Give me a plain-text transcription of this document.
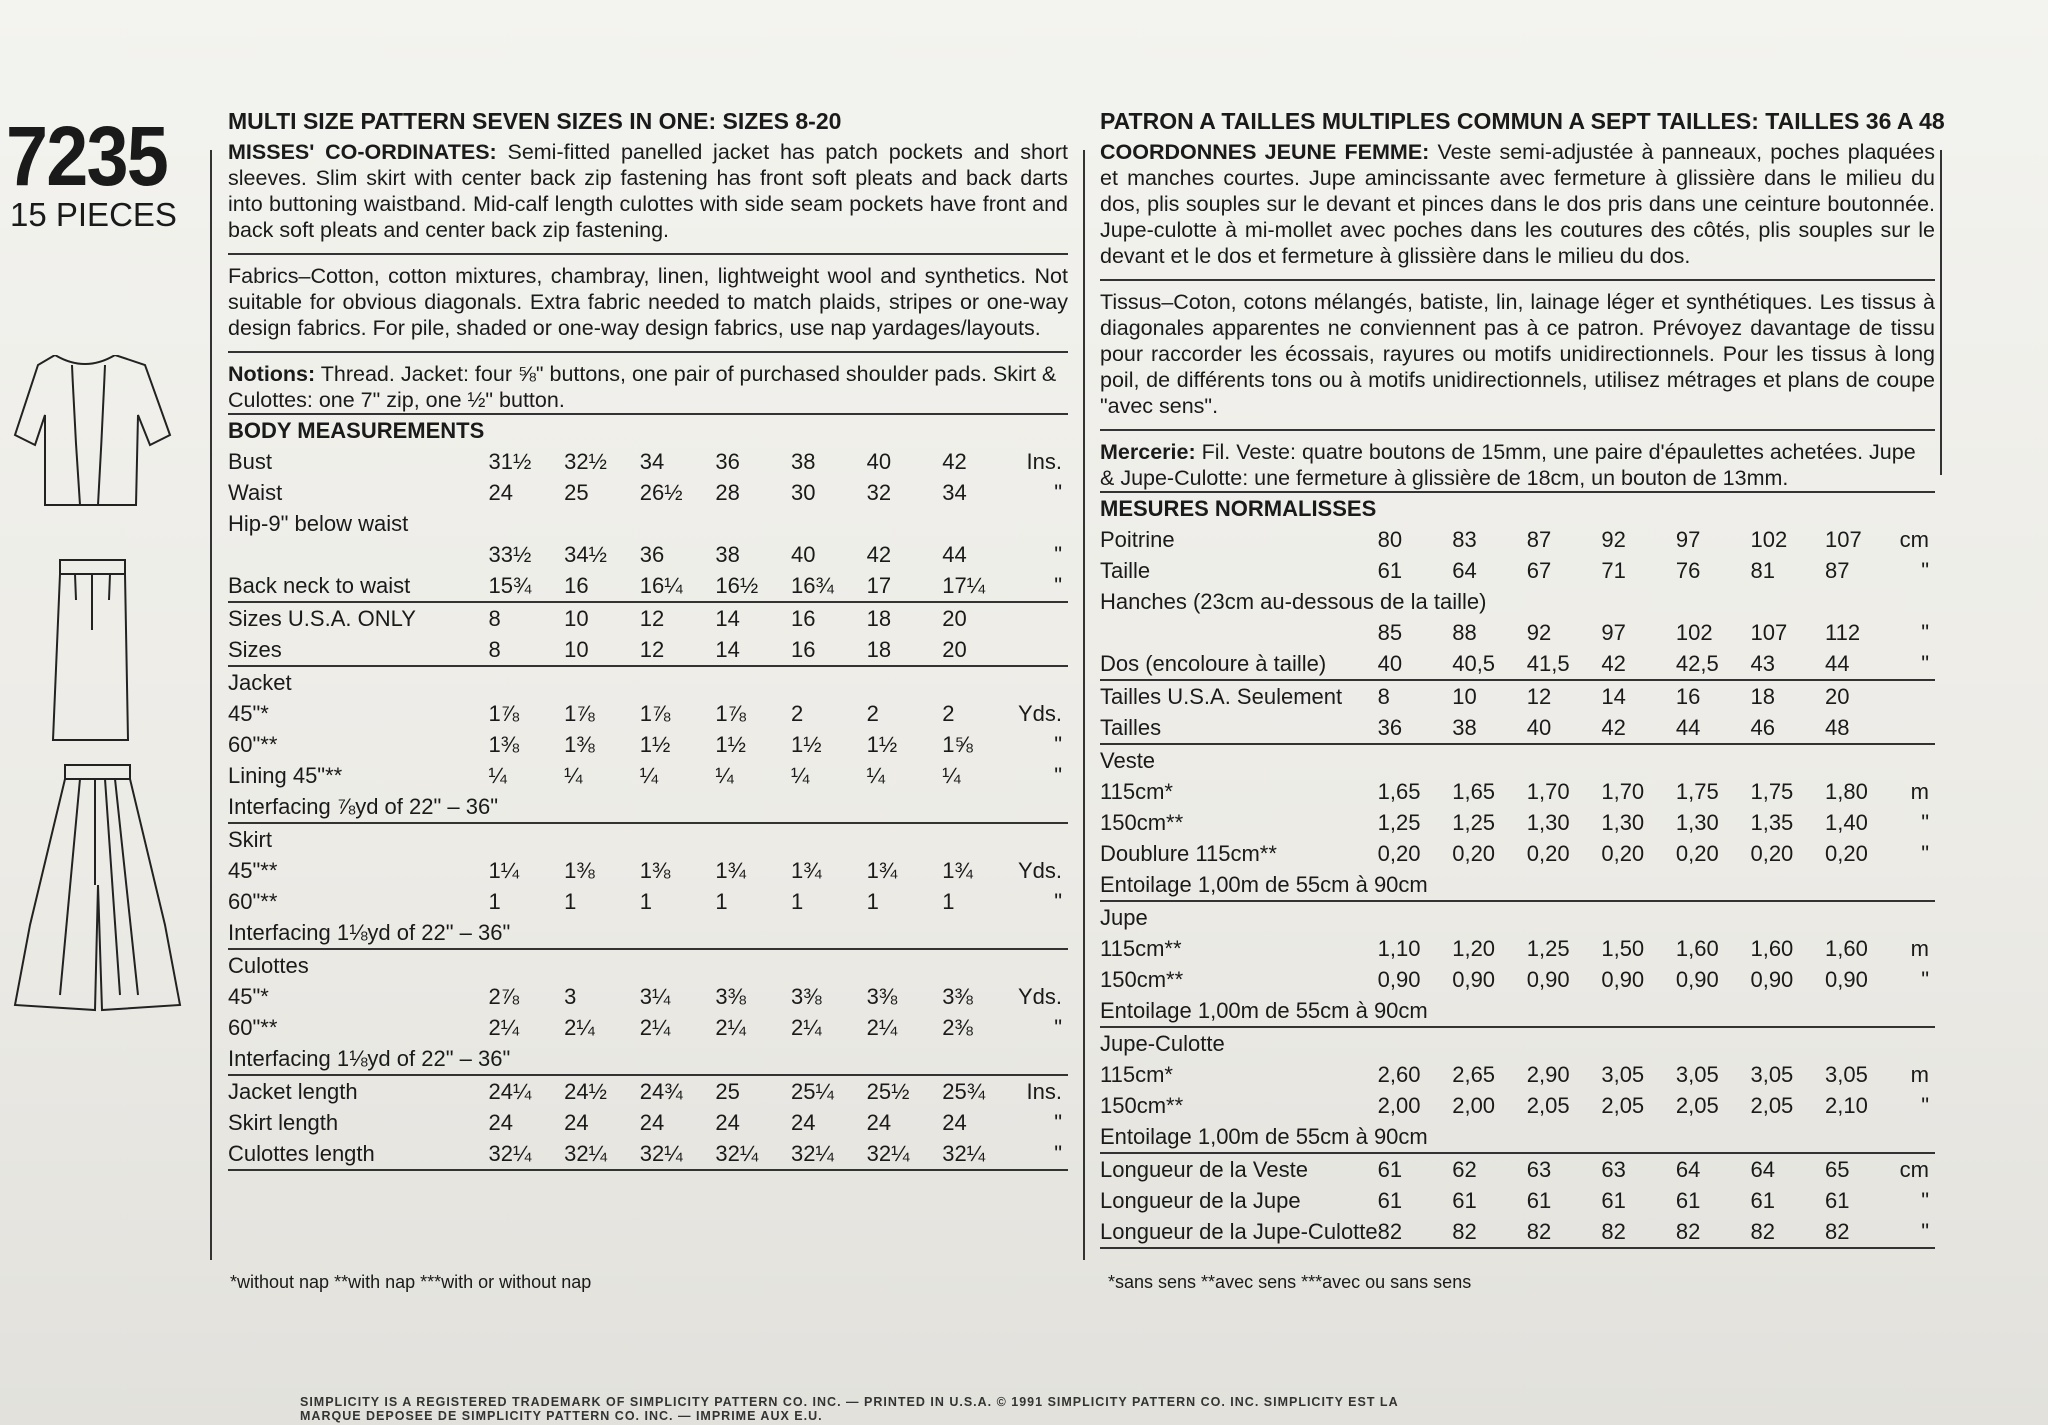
7235
15 PIECES
MULTI SIZE PATTERN SEVEN SIZES IN ONE: SIZES 8-20
MISSES' CO-ORDINATES: Semi-fitted panelled jacket has patch pockets and short sleeves. Slim skirt with center back zip fastening has front soft pleats and back darts into buttoning waistband. Mid-calf length culottes with side seam pockets have front and back soft pleats and center back zip fastening.
Fabrics–Cotton, cotton mixtures, chambray, linen, lightweight wool and synthetics. Not suitable for obvious diagonals. Extra fabric needed to match plaids, stripes or one-way design fabrics. For pile, shaded or one-way design fabrics, use nap yardages/layouts.
Notions: Thread. Jacket: four ⅝" buttons, one pair of purchased shoulder pads. Skirt & Culottes: one 7" zip, one ½" button.
BODY MEASUREMENTS								
Bust	31½	32½	34	36	38	40	42	Ins.
Waist	24	25	26½	28	30	32	34	"
Hip-9" below waist								
	33½	34½	36	38	40	42	44	"
Back neck to waist	15¾	16	16¼	16½	16¾	17	17¼	"
Sizes U.S.A. ONLY	8	10	12	14	16	18	20	
Sizes	8	10	12	14	16	18	20	
Jacket								
45"*	1⅞	1⅞	1⅞	1⅞	2	2	2	Yds.
60"**	1⅜	1⅜	1½	1½	1½	1½	1⅝	"
Lining 45"**	¼	¼	¼	¼	¼	¼	¼	"
Interfacing ⅞yd of 22" – 36"								
Skirt								
45"**	1¼	1⅜	1⅜	1¾	1¾	1¾	1¾	Yds.
60"**	1	1	1	1	1	1	1	"
Interfacing 1⅛yd of 22" – 36"								
Culottes								
45"*	2⅞	3	3¼	3⅜	3⅜	3⅜	3⅜	Yds.
60"**	2¼	2¼	2¼	2¼	2¼	2¼	2⅜	"
Interfacing 1⅛yd of 22" – 36"								
Jacket length	24¼	24½	24¾	25	25¼	25½	25¾	Ins.
Skirt length	24	24	24	24	24	24	24	"
Culottes length	32¼	32¼	32¼	32¼	32¼	32¼	32¼	"

PATRON A TAILLES MULTIPLES COMMUN A SEPT TAILLES: TAILLES 36 A 48
COORDONNES JEUNE FEMME: Veste semi-adjustée à panneaux, poches plaquées et manches courtes. Jupe amincissante avec fermeture à glissière dans le milieu du dos, plis souples sur le devant et pinces dans le dos pris dans une ceinture boutonnée. Jupe-culotte à mi-mollet avec poches dans les coutures des côtés, plis souples sur le devant et le dos et fermeture à glissière dans le milieu du dos.
Tissus–Coton, cotons mélangés, batiste, lin, lainage léger et synthétiques. Les tissus à diagonales apparentes ne conviennent pas à ce patron. Prévoyez davantage de tissu pour raccorder les écossais, rayures ou motifs unidirectionnels. Pour les tissus à long poil, de différents tons ou à motifs unidirectionnels, utilisez métrages et plans de coupe "avec sens".
Mercerie: Fil. Veste: quatre boutons de 15mm, une paire d'épaulettes achetées. Jupe & Jupe-Culotte: une fermeture à glissière de 18cm, un bouton de 13mm.
MESURES NORMALISSES								
Poitrine	80	83	87	92	97	102	107	cm
Taille	61	64	67	71	76	81	87	"
Hanches (23cm au-dessous de la taille)								
	85	88	92	97	102	107	112	"
Dos (encoloure à taille)	40	40,5	41,5	42	42,5	43	44	"
Tailles U.S.A. Seulement	8	10	12	14	16	18	20	
Tailles	36	38	40	42	44	46	48	
Veste								
115cm*	1,65	1,65	1,70	1,70	1,75	1,75	1,80	m
150cm**	1,25	1,25	1,30	1,30	1,30	1,35	1,40	"
Doublure 115cm**	0,20	0,20	0,20	0,20	0,20	0,20	0,20	"
Entoilage 1,00m de 55cm à 90cm								
Jupe								
115cm**	1,10	1,20	1,25	1,50	1,60	1,60	1,60	m
150cm**	0,90	0,90	0,90	0,90	0,90	0,90	0,90	"
Entoilage 1,00m de 55cm à 90cm								
Jupe-Culotte								
115cm*	2,60	2,65	2,90	3,05	3,05	3,05	3,05	m
150cm**	2,00	2,00	2,05	2,05	2,05	2,05	2,10	"
Entoilage 1,00m de 55cm à 90cm								
Longueur de la Veste	61	62	63	63	64	64	65	cm
Longueur de la Jupe	61	61	61	61	61	61	61	"
Longueur de la Jupe-Culotte	82	82	82	82	82	82	82	"

*without nap **with nap ***with or without nap	*sans sens **avec sens ***avec ou sans sens
SIMPLICITY IS A REGISTERED TRADEMARK OF SIMPLICITY PATTERN CO. INC. — PRINTED IN U.S.A. © 1991 SIMPLICITY PATTERN CO. INC. SIMPLICITY EST LA MARQUE DEPOSEE DE SIMPLICITY PATTERN CO. INC. — IMPRIME AUX E.U.
